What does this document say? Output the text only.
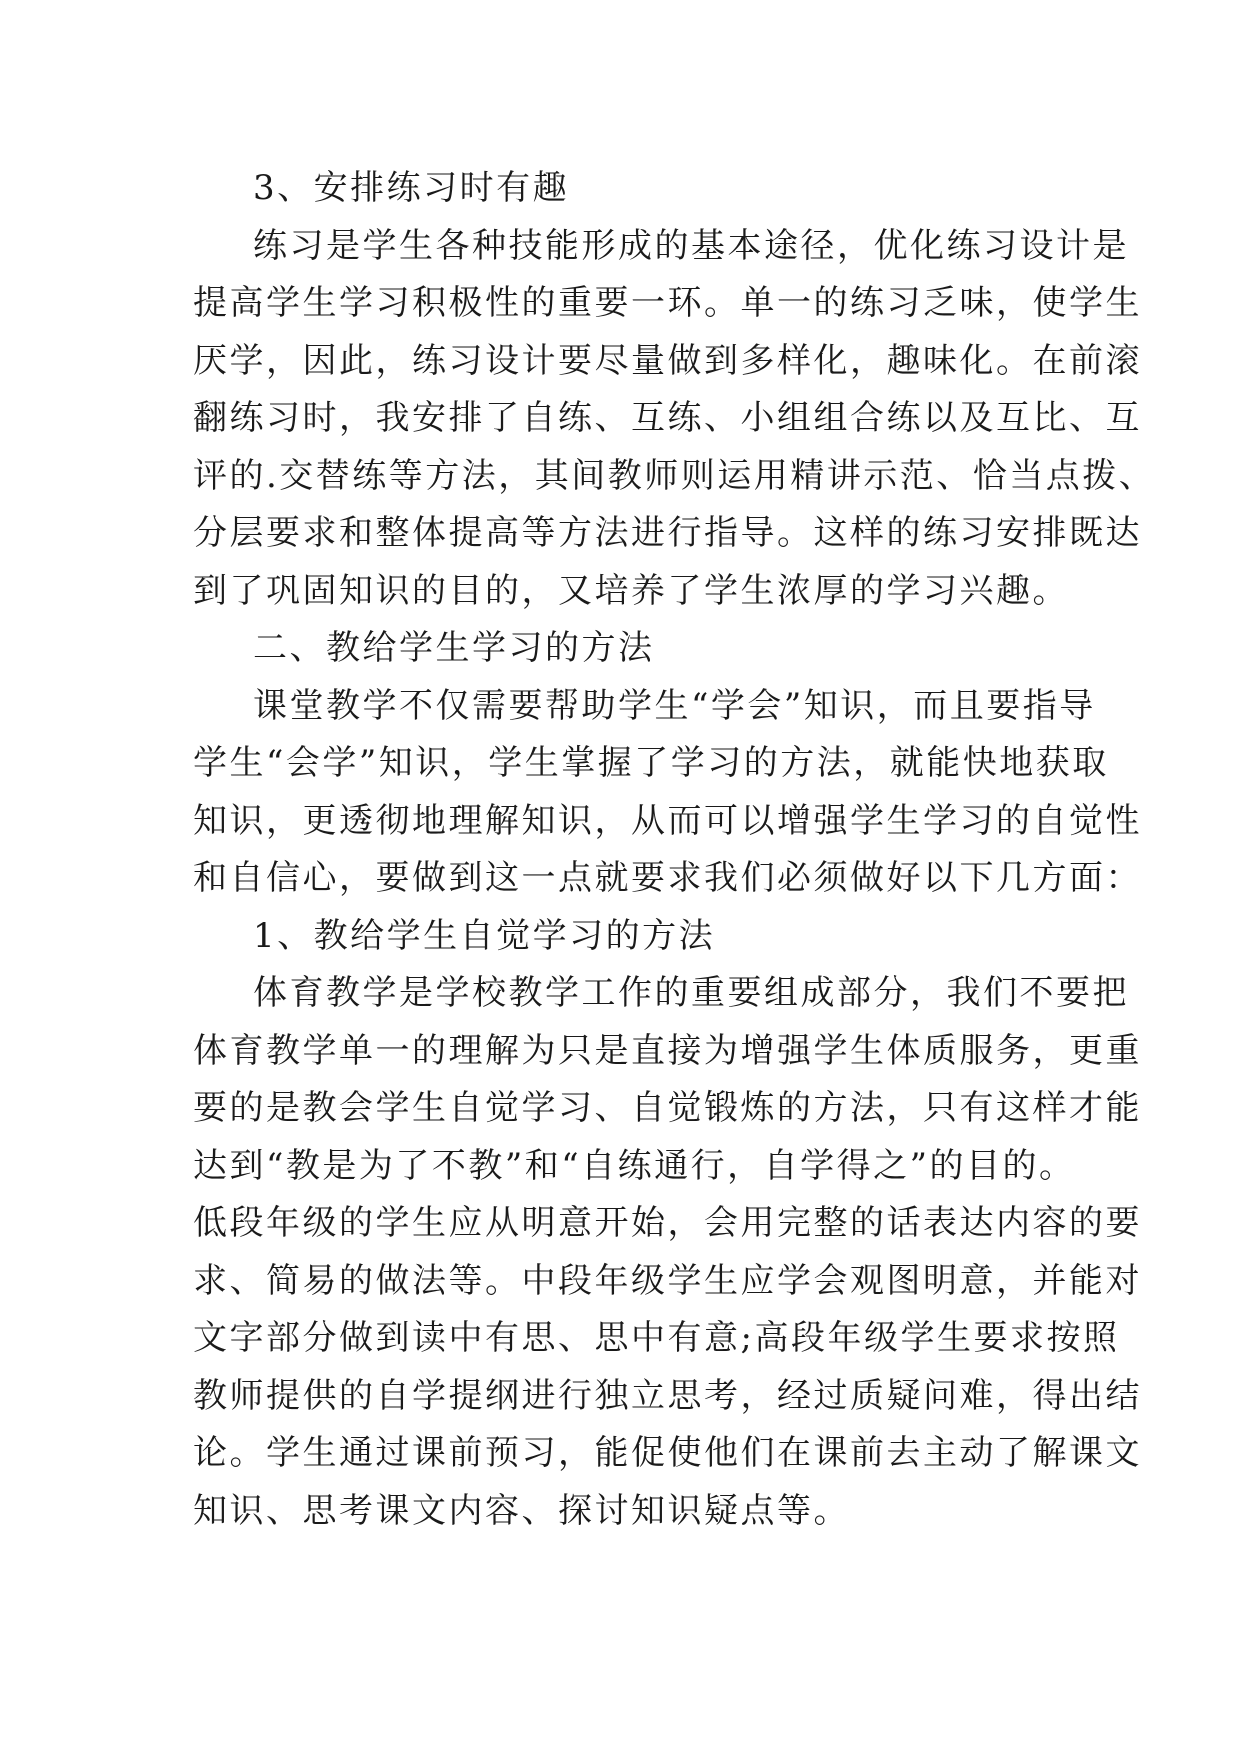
3、安排练习时有趣
练习是学生各种技能形成的基本途径，优化练习设计是
提高学生学习积极性的重要一环。单一的练习乏味，使学生
厌学，因此，练习设计要尽量做到多样化，趣味化。在前滚
翻练习时，我安排了自练、互练、小组组合练以及互比、互
评的.交替练等方法，其间教师则运用精讲示范、恰当点拨、
分层要求和整体提高等方法进行指导。这样的练习安排既达
到了巩固知识的目的，又培养了学生浓厚的学习兴趣。
二、教给学生学习的方法
课堂教学不仅需要帮助学生“学会”知识，而且要指导
学生“会学”知识，学生掌握了学习的方法，就能快地获取
知识，更透彻地理解知识，从而可以增强学生学习的自觉性
和自信心，要做到这一点就要求我们必须做好以下几方面：
1、教给学生自觉学习的方法
体育教学是学校教学工作的重要组成部分，我们不要把
体育教学单一的理解为只是直接为增强学生体质服务，更重
要的是教会学生自觉学习、自觉锻炼的方法，只有这样才能
达到“教是为了不教”和“自练通行，自学得之”的目的。
低段年级的学生应从明意开始，会用完整的话表达内容的要
求、简易的做法等。中段年级学生应学会观图明意，并能对
文字部分做到读中有思、思中有意;高段年级学生要求按照
教师提供的自学提纲进行独立思考，经过质疑问难，得出结
论。学生通过课前预习，能促使他们在课前去主动了解课文
知识、思考课文内容、探讨知识疑点等。
